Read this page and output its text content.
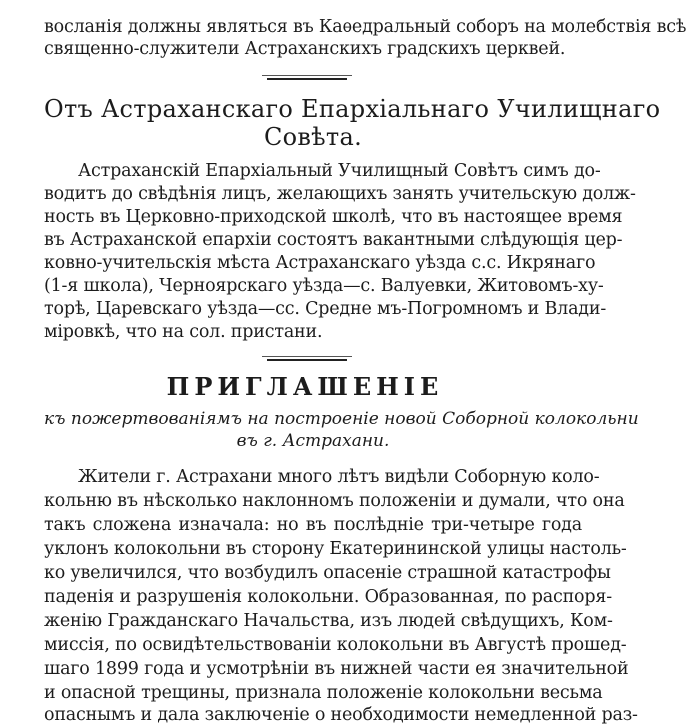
восланія должны являться въ Каѳедральный соборъ на молебствія всѣ
священно-служители Астраханскихъ градскихъ церквей.
Отъ Астраханскаго Епархіальнаго Училищнаго
Совѣта.
Астраханскій Епархіальный Училищный Совѣтъ симъ до-
водитъ до свѣдѣнія лицъ, желающихъ занять учительскую долж-
ность въ Церковно-приходской школѣ, что въ настоящее время
въ Астраханской епархіи состоятъ вакантными слѣдующія цер-
ковно-учительскія мѣста Астраханскаго уѣзда с.с. Икрянаго
(1-я школа), Черноярскаго уѣзда—с. Валуевки, Житовомъ-ху-
торѣ, Царевскаго уѣзда—сс. Средне мъ-Погромномъ и Влади-
міровкѣ, что на сол. пристани.
ПРИГЛАШЕНІЕ
къ пожертвованіямъ на построеніе новой Соборной колокольни
въ г. Астрахани.
Жители г. Астрахани много лѣтъ видѣли Соборную коло-
кольню въ нѣсколько наклонномъ положеніи и думали, что она
такъ сложена изначала: но въ послѣдніе три-четыре года
уклонъ колокольни въ сторону Екатерининской улицы настоль-
ко увеличился, что возбудилъ опасеніе страшной катастрофы
паденія и разрушенія колокольни. Образованная, по распоря-
женію Гражданскаго Начальства, изъ людей свѣдущихъ, Ком-
миссія, по освидѣтельствованіи колокольни въ Августѣ прошед-
шаго 1899 года и усмотрѣніи въ нижней части ея значительной
и опасной трещины, признала положеніе колокольни весьма
опаснымъ и дала заключеніе о необходимости немедленной раз-
